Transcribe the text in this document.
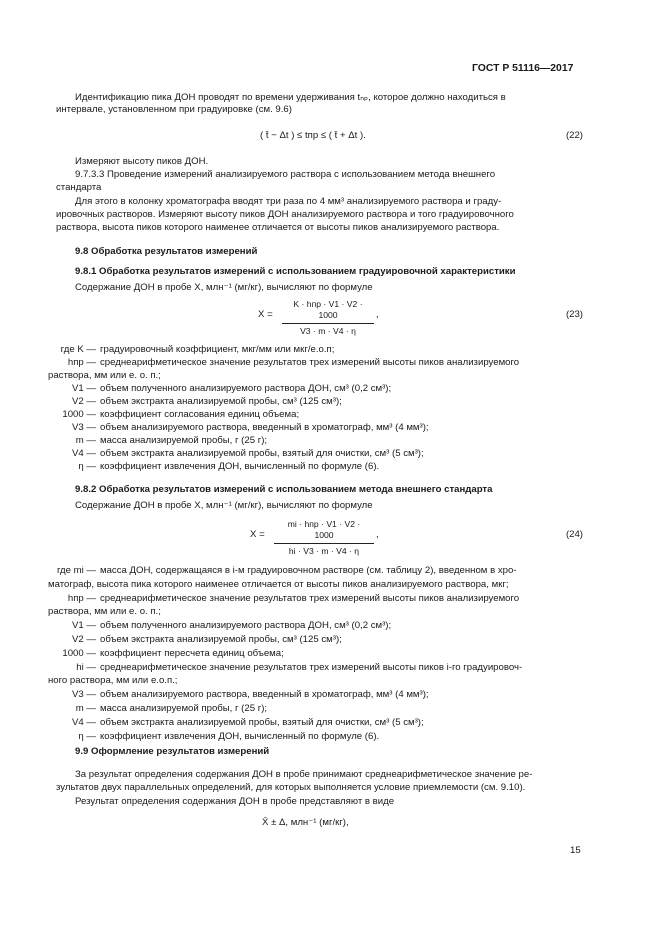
ГОСТ Р 51116—2017
Идентификацию пика ДОН проводят по времени удерживания tₙₚ, которое должно находиться в
интервале, установленном при градуировке (см. 9.6)
( t̄ − Δt ) ≤ tпр ≤ ( t̄ + Δt ).	(22)
Измеряют высоту пиков ДОН.
9.7.3.3 Проведение измерений анализируемого раствора с использованием метода внешнего
стандарта
Для этого в колонку хроматографа вводят три раза по 4 мм³ анализируемого раствора и граду-
ировочных растворов. Измеряют высоту пиков ДОН анализируемого раствора и того градуировочного
раствора, высота пиков которого наименее отличается от высоты пиков анализируемого раствора.
9.8 Обработка результатов измерений
9.8.1 Обработка результатов измерений с использованием градуировочной характеристики
Содержание ДОН в пробе X, млн⁻¹ (мг/кг), вычисляют по формуле
X =
K · hпр · V1 · V2 · 1000
V3 · m · V4 · η
,	(23)
где K — градуировочный коэффициент, мкг/мм или мкг/е.о.п;
hпр — среднеарифметическое значение результатов трех измерений высоты пиков анализируемого
раствора, мм или е. о. п.;
V1 — объем полученного анализируемого раствора ДОН, см³ (0,2 см³);
V2 — объем экстракта анализируемой пробы, см³ (125 см³);
1000 — коэффициент согласования единиц объема;
V3 — объем анализируемого раствора, введенный в хроматограф, мм³ (4 мм³);
m — масса анализируемой пробы, г (25 г);
V4 — объем экстракта анализируемой пробы, взятый для очистки, см³ (5 см³);
η — коэффициент извлечения ДОН, вычисленный по формуле (6).
9.8.2 Обработка результатов измерений с использованием метода внешнего стандарта
Содержание ДОН в пробе X, млн⁻¹ (мг/кг), вычисляют по формуле
X =
mi · hпр · V1 · V2 · 1000
hi · V3 · m · V4 · η
,	(24)
где mi — масса ДОН, содержащаяся в i-м градуировочном растворе (см. таблицу 2), введенном в хро-
матограф, высота пика которого наименее отличается от высоты пиков анализируемого раствора, мкг;
hпр — среднеарифметическое значение результатов трех измерений высоты пиков анализируемого
раствора, мм или е. о. п.;
V1 — объем полученного анализируемого раствора ДОН, см³ (0,2 см³);
V2 — объем экстракта анализируемой пробы, см³ (125 см³);
1000 — коэффициент пересчета единиц объема;
hi — среднеарифметическое значение результатов трех измерений высоты пиков i-го градуировоч-
ного раствора, мм или е.о.п.;
V3 — объем анализируемого раствора, введенный в хроматограф, мм³ (4 мм³);
m — масса анализируемой пробы, г (25 г);
V4 — объем экстракта анализируемой пробы, взятый для очистки, см³ (5 см³);
η — коэффициент извлечения ДОН, вычисленный по формуле (6).
9.9 Оформление результатов измерений
За результат определения содержания ДОН в пробе принимают среднеарифметическое значение ре-
зультатов двух параллельных определений, для которых выполняется условие приемлемости (см. 9.10).
Результат определения содержания ДОН в пробе представляют в виде
X̄ ± Δ, млн⁻¹ (мг/кг),
15
